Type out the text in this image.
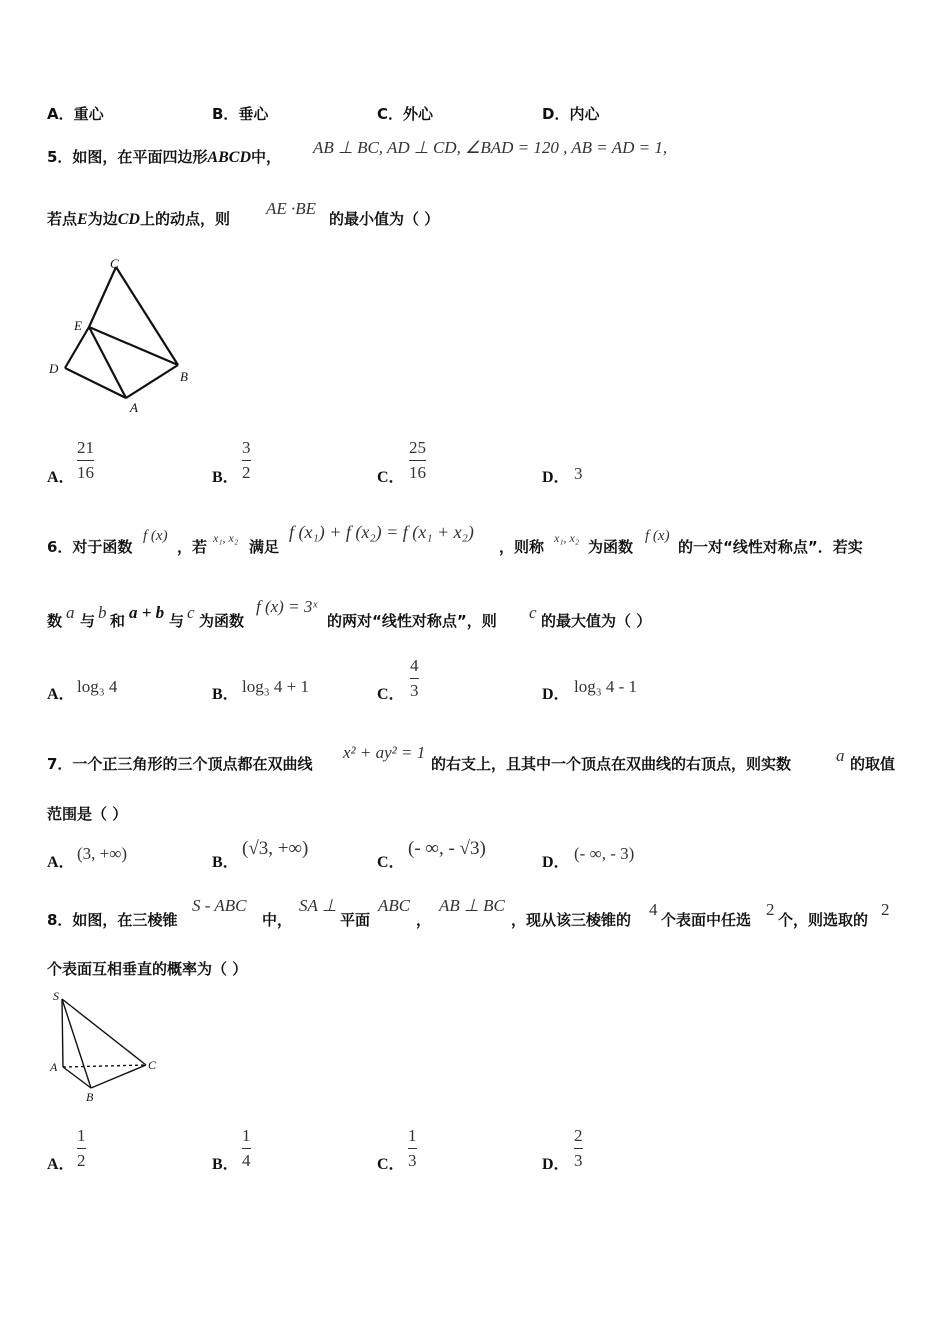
A．重心	B．垂心	C．外心	D．内心
5．如图，在平面四边形ABCD中， AB ⊥ BC, AD ⊥ CD, ∠BAD = 120 , AB = AD = 1,
若点E为边CD上的动点，则
AE ·BE
的最小值为（ ）
C
E
D
B
A
A．
21
16	B．
3
2	C．
25
16	D． 3
6．对于函数
f (x)
，若 x₁, x₂ 满足
f (x₁) + f (x₂) = f (x₁ + x₂)
，则称 x₁, x₂ 为函数
f (x)
的一对“线性对称点”．若实
数 a 与 b 和 a + b 与 c 为函数
f (x) = 3ˣ
的两对“线性对称点”，则 c 的最大值为（ ）
A． log₃ 4	B． log₃ 4 + 1	C．
4
3	D． log₃ 4 - 1
7．一个正三角形的三个顶点都在双曲线
x² + ay² = 1
的右支上，且其中一个顶点在双曲线的右顶点，则实数	a 的取值
范围是（ ）
A． (3, +∞)	B．
(√3, +∞)
C．
(- ∞, - √3)
D． (- ∞, - 3)
8．如图，在三棱锥
S - ABC
中，
SA ⊥
平面
ABC
，
AB ⊥ BC
，现从该三棱锥的
4
个表面中任选
2
个，则选取的
2
个表面互相垂直的概率为（ ）
S
A	C
B
A．
1
2	B．
1
4	C．
1
3	D．
2
3
